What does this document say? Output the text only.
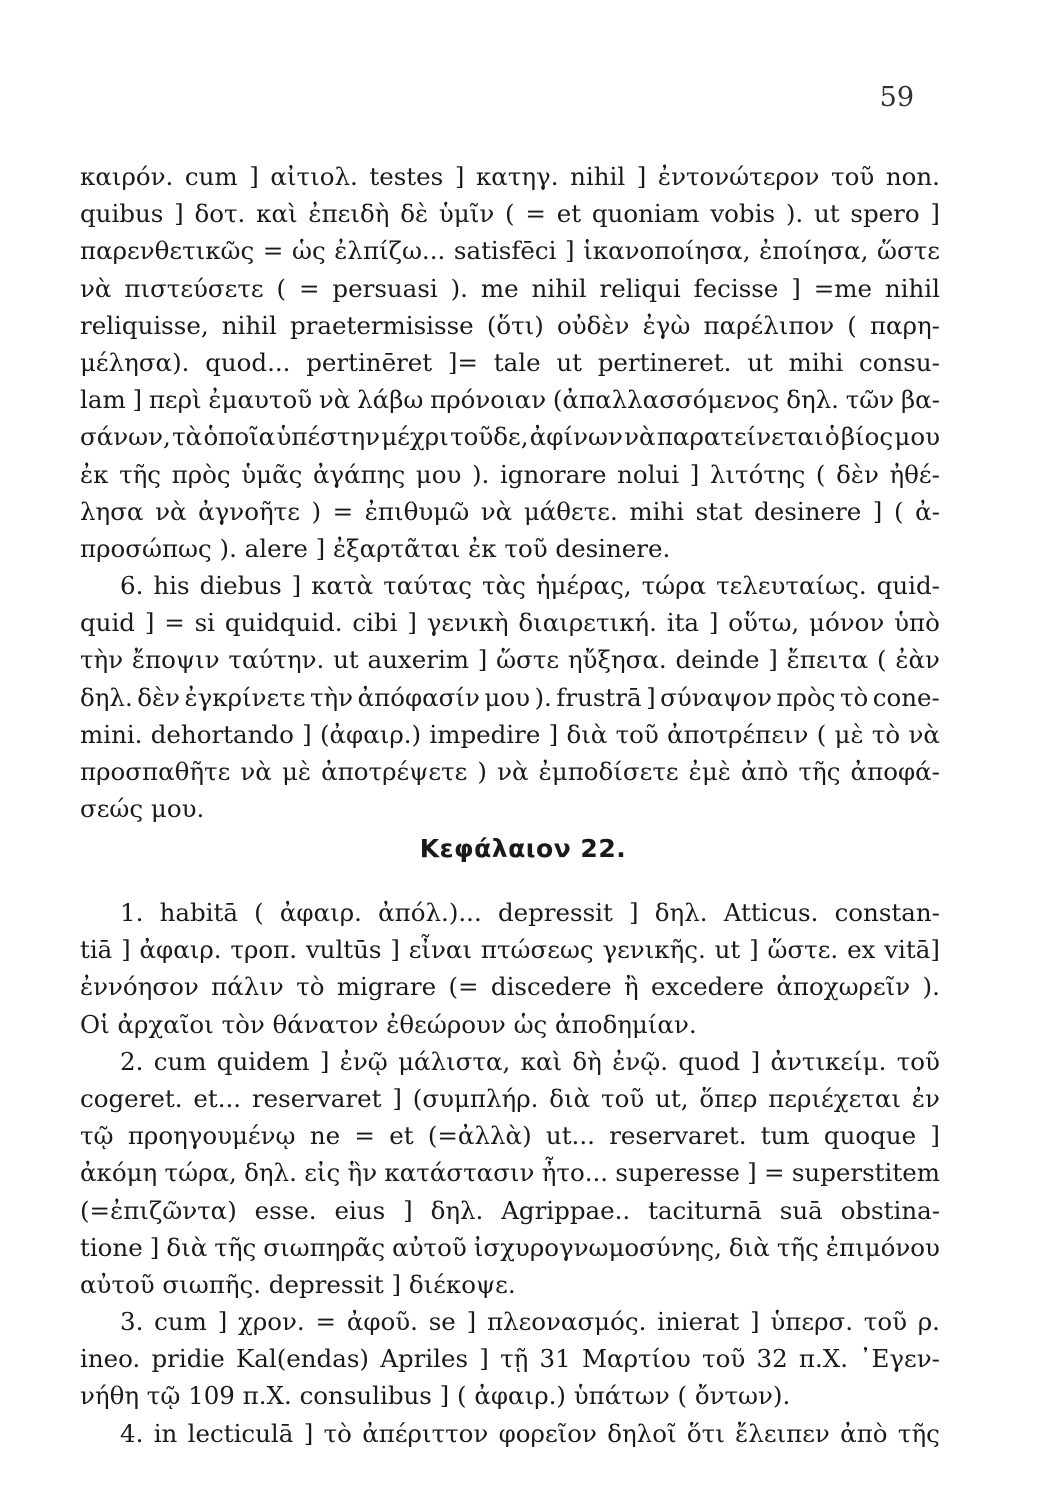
59
καιρόν. cum ] αἰτιολ. testes ] κατηγ. nihil ] ἐντονώτερον τοῦ non.
quibus ] δοτ. καὶ ἐπειδὴ δὲ ὑμῖν ( = et quoniam vobis ). ut spero ]
παρενθετικῶς = ὡς ἐλπίζω... satisfēci ] ἱκανοποίησα, ἐποίησα, ὥστε
νὰ πιστεύσετε ( = persuasi ). me nihil reliqui fecisse ] =me nihil
reliquisse, nihil praetermisisse (ὅτι) οὐδὲν ἐγὼ παρέλιπον ( παρη-
μέλησα). quod... pertinēret ]= tale ut pertineret. ut mihi consu-
lam ] περὶ ἐμαυτοῦ νὰ λάβω πρόνοιαν (ἀπαλλασσόμενος δηλ. τῶν βα-
σάνων, τὰ ὁποῖα ὑπέστην μέχρι τοῦδε, ἀφίνων νὰ παρατείνεται ὁ βίος μου
ἐκ τῆς πρὸς ὑμᾶς ἀγάπης μου ). ignorare nolui ] λιτότης ( δὲν ἠθέ-
λησα νὰ ἀγνοῆτε ) = ἐπιθυμῶ νὰ μάθετε. mihi stat desinere ] ( ἀ-
προσώπως ). alere ] ἐξαρτᾶται ἐκ τοῦ desinere.
6. his diebus ] κατὰ ταύτας τὰς ἡμέρας, τώρα τελευταίως. quid-
quid ] = si quidquid. cibi ] γενικὴ διαιρετική. ita ] οὕτω, μόνον ὑπὸ
τὴν ἔποψιν ταύτην. ut auxerim ] ὥστε ηὔξησα. deinde ] ἔπειτα ( ἐὰν
δηλ. δὲν ἐγκρίνετε τὴν ἀπόφασίν μου ). frustrā ] σύναψον πρὸς τὸ cone-
mini. dehortando ] (ἀφαιρ.) impedire ] διὰ τοῦ ἀποτρέπειν ( μὲ τὸ νὰ
προσπαθῆτε νὰ μὲ ἀποτρέψετε ) νὰ ἐμποδίσετε ἐμὲ ἀπὸ τῆς ἀποφά-
σεώς μου.
Κεφάλαιον 22.
1. habitā ( ἀφαιρ. ἀπόλ.)... depressit ] δηλ. Atticus. constan-
tiā ] ἀφαιρ. τροπ. vultūs ] εἶναι πτώσεως γενικῆς. ut ] ὥστε. ex vitā]
ἐννόησον πάλιν τὸ migrare (= discedere ἢ excedere ἀποχωρεῖν ).
Οἱ ἀρχαῖοι τὸν θάνατον ἐθεώρουν ὡς ἀποδημίαν.
2. cum quidem ] ἐνῷ μάλιστα, καὶ δὴ ἐνῷ. quod ] ἀντικείμ. τοῦ
cogeret. et... reservaret ] (συμπλήρ. διὰ τοῦ ut, ὅπερ περιέχεται ἐν
τῷ προηγουμένῳ ne = et (=ἀλλὰ) ut... reservaret. tum quoque ]
ἀκόμη τώρα, δηλ. εἰς ἣν κατάστασιν ἦτο... superesse ] = superstitem
(=ἐπιζῶντα) esse. eius ] δηλ. Agrippae.. taciturnā suā obstina-
tione ] διὰ τῆς σιωπηρᾶς αὐτοῦ ἰσχυρογνωμοσύνης, διὰ τῆς ἐπιμόνου
αὐτοῦ σιωπῆς. depressit ] διέκοψε.
3. cum ] χρον. = ἀφοῦ. se ] πλεονασμός. inierat ] ὑπερσ. τοῦ ρ.
ineo. pridie Kal(endas) Apriles ] τῇ 31 Μαρτίου τοῦ 32 π.Χ. ᾿Εγεν-
νήθη τῷ 109 π.Χ. consulibus ] ( ἀφαιρ.) ὑπάτων ( ὄντων).
4. in lecticulā ] τὸ ἀπέριττον φορεῖον δηλοῖ ὅτι ἔλειπεν ἀπὸ τῆς
